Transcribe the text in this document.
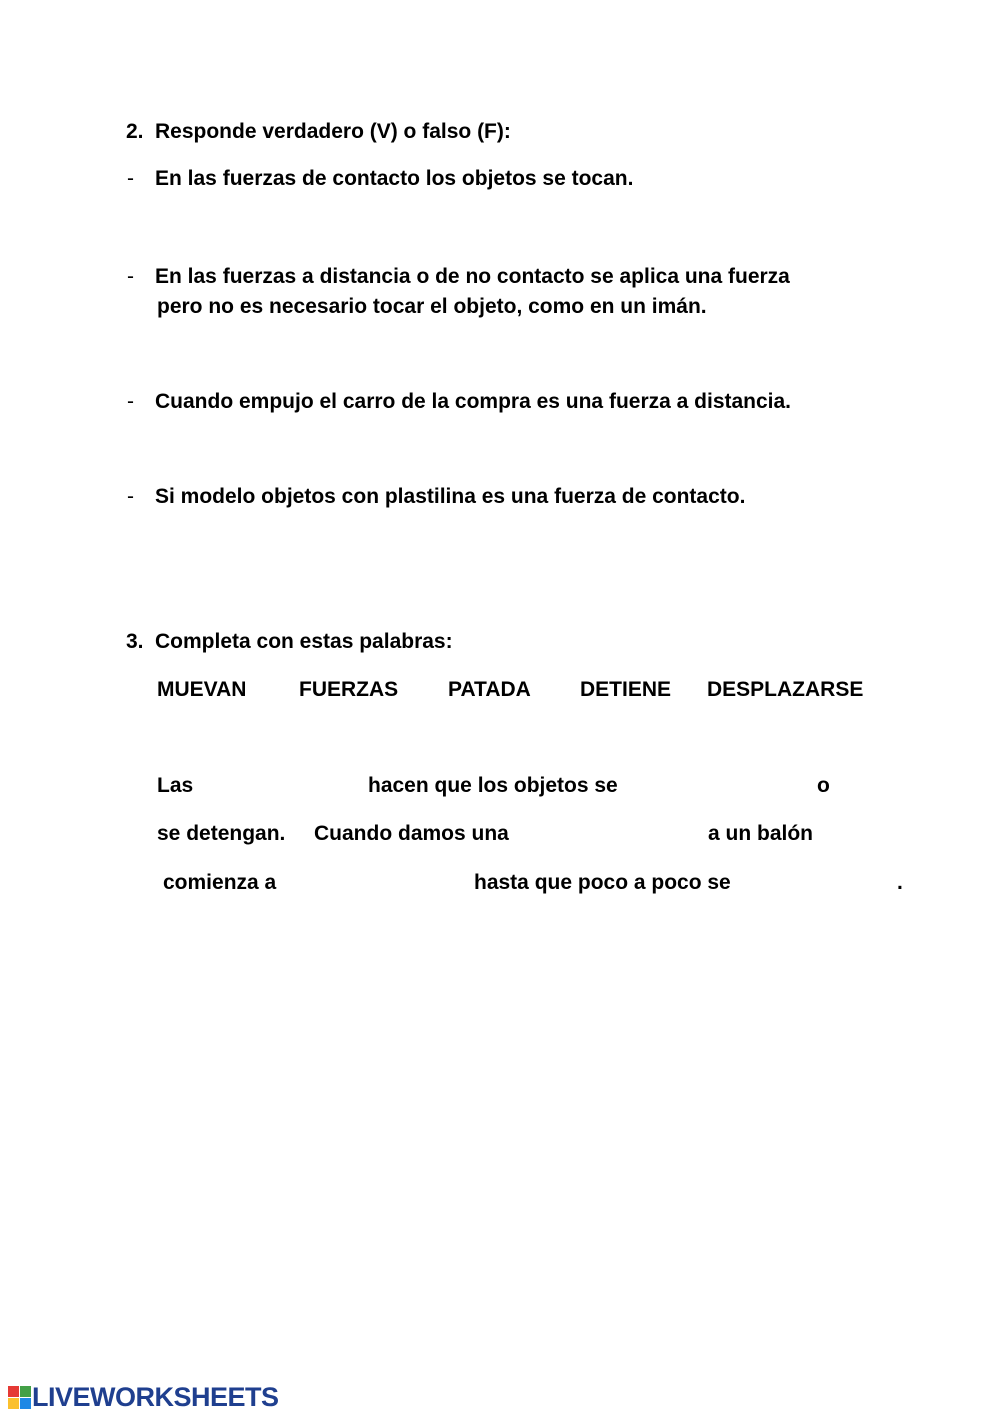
2. Responde verdadero (V) o falso (F):
- En las fuerzas de contacto los objetos se tocan.
- En las fuerzas a distancia o de no contacto se aplica una fuerza
pero no es necesario tocar el objeto, como en un imán.
- Cuando empujo el carro de la compra es una fuerza a distancia.
- Si modelo objetos con plastilina es una fuerza de contacto.
3. Completa con estas palabras:
MUEVAN	FUERZAS PATADA DETIENE DESPLAZARSE
Las	hacen que los objetos se	o
se detengan. Cuando damos una	a un balón
comienza a	hasta que poco a poco se	.
LIVEWORKSHEETS
